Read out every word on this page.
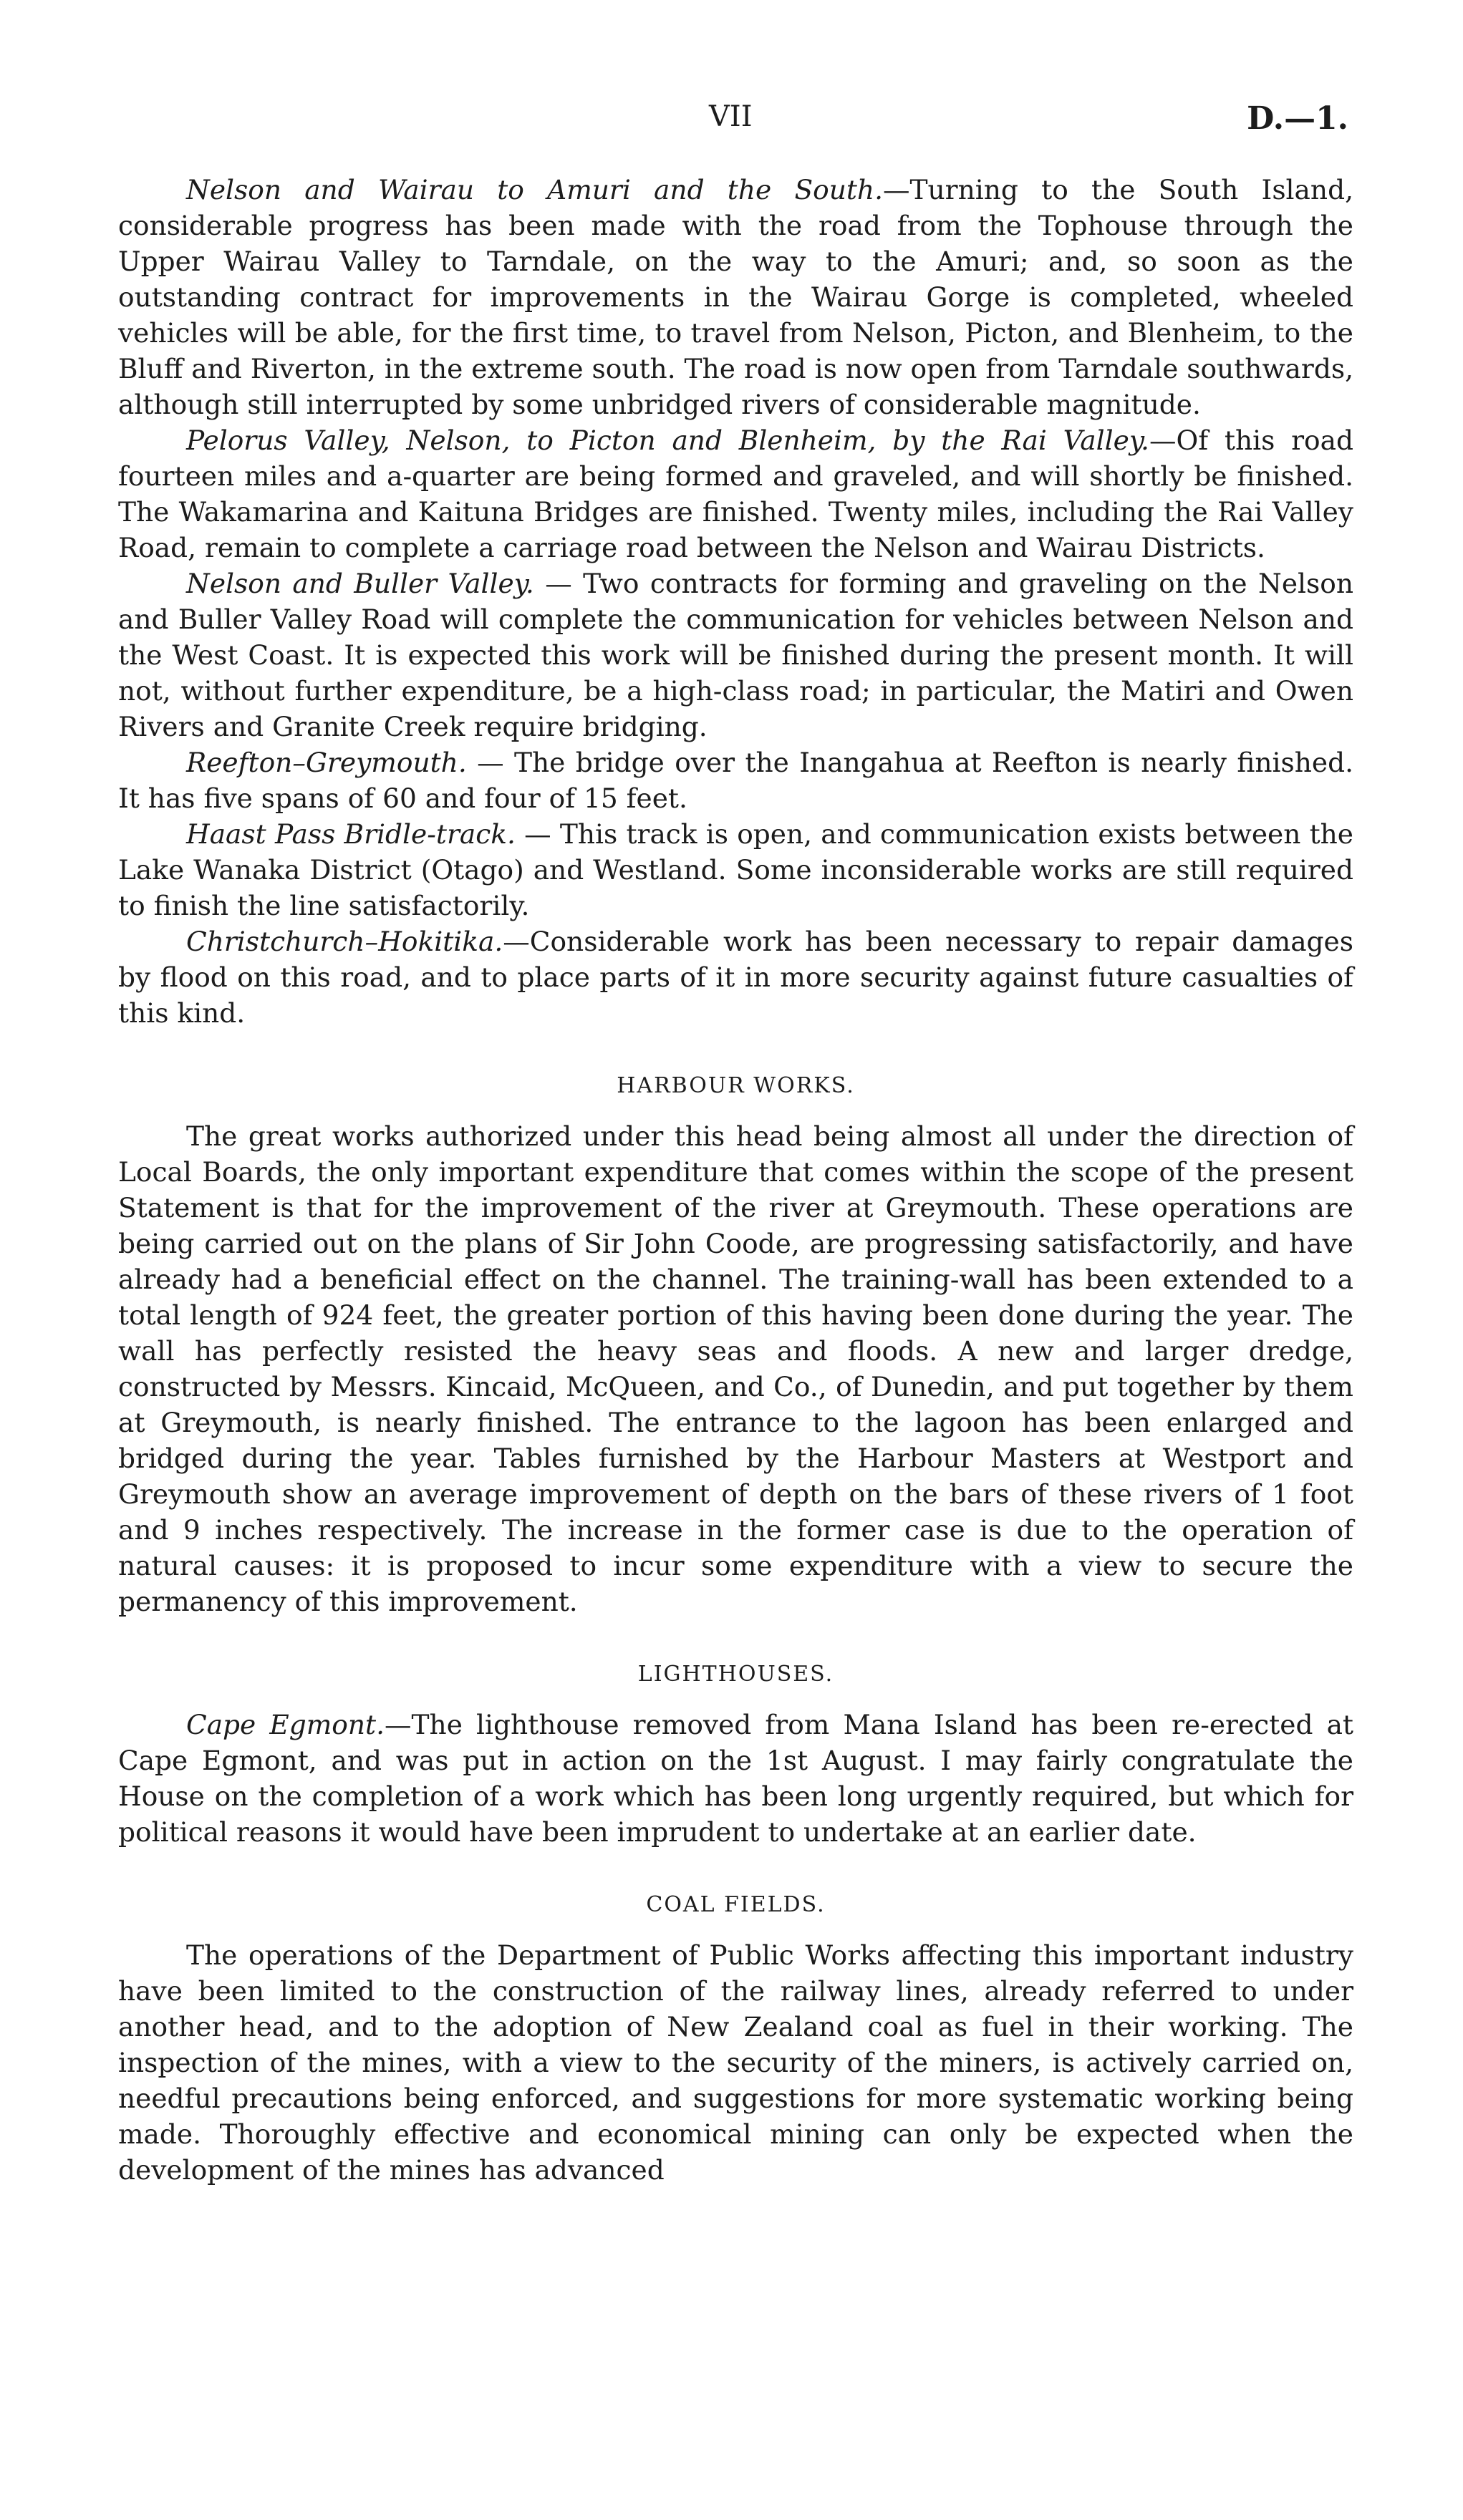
VII	D.—1.

Nelson and Wairau to Amuri and the South.—Turning to the South Island, considerable progress has been made with the road from the Tophouse through the Upper Wairau Valley to Tarndale, on the way to the Amuri; and, so soon as the outstanding contract for improvements in the Wairau Gorge is completed, wheeled vehicles will be able, for the first time, to travel from Nelson, Picton, and Blenheim, to the Bluff and Riverton, in the extreme south. The road is now open from Tarndale southwards, although still interrupted by some unbridged rivers of considerable magnitude.

Pelorus Valley, Nelson, to Picton and Blenheim, by the Rai Valley.—Of this road fourteen miles and a-quarter are being formed and graveled, and will shortly be finished. The Wakamarina and Kaituna Bridges are finished. Twenty miles, including the Rai Valley Road, remain to complete a carriage road between the Nelson and Wairau Districts.

Nelson and Buller Valley. — Two contracts for forming and graveling on the Nelson and Buller Valley Road will complete the communication for vehicles between Nelson and the West Coast. It is expected this work will be finished during the present month. It will not, without further expenditure, be a high-class road; in particular, the Matiri and Owen Rivers and Granite Creek require bridging.

Reefton–Greymouth. — The bridge over the Inangahua at Reefton is nearly finished. It has five spans of 60 and four of 15 feet.

Haast Pass Bridle-track. — This track is open, and communication exists between the Lake Wanaka District (Otago) and Westland. Some inconsiderable works are still required to finish the line satisfactorily.

Christchurch–Hokitika.—Considerable work has been necessary to repair damages by flood on this road, and to place parts of it in more security against future casualties of this kind.

HARBOUR WORKS.

The great works authorized under this head being almost all under the direction of Local Boards, the only important expenditure that comes within the scope of the present Statement is that for the improvement of the river at Greymouth. These operations are being carried out on the plans of Sir John Coode, are progressing satisfactorily, and have already had a beneficial effect on the channel. The training-wall has been extended to a total length of 924 feet, the greater portion of this having been done during the year. The wall has perfectly resisted the heavy seas and floods. A new and larger dredge, constructed by Messrs. Kincaid, McQueen, and Co., of Dunedin, and put together by them at Greymouth, is nearly finished. The entrance to the lagoon has been enlarged and bridged during the year. Tables furnished by the Harbour Masters at Westport and Greymouth show an average improvement of depth on the bars of these rivers of 1 foot and 9 inches respectively. The increase in the former case is due to the operation of natural causes: it is proposed to incur some expenditure with a view to secure the permanency of this improvement.

LIGHTHOUSES.

Cape Egmont.—The lighthouse removed from Mana Island has been re-erected at Cape Egmont, and was put in action on the 1st August. I may fairly congratulate the House on the completion of a work which has been long urgently required, but which for political reasons it would have been imprudent to undertake at an earlier date.

COAL FIELDS.

The operations of the Department of Public Works affecting this important industry have been limited to the construction of the railway lines, already referred to under another head, and to the adoption of New Zealand coal as fuel in their working. The inspection of the mines, with a view to the security of the miners, is actively carried on, needful precautions being enforced, and suggestions for more systematic working being made. Thoroughly effective and economical mining can only be expected when the development of the mines has advanced
